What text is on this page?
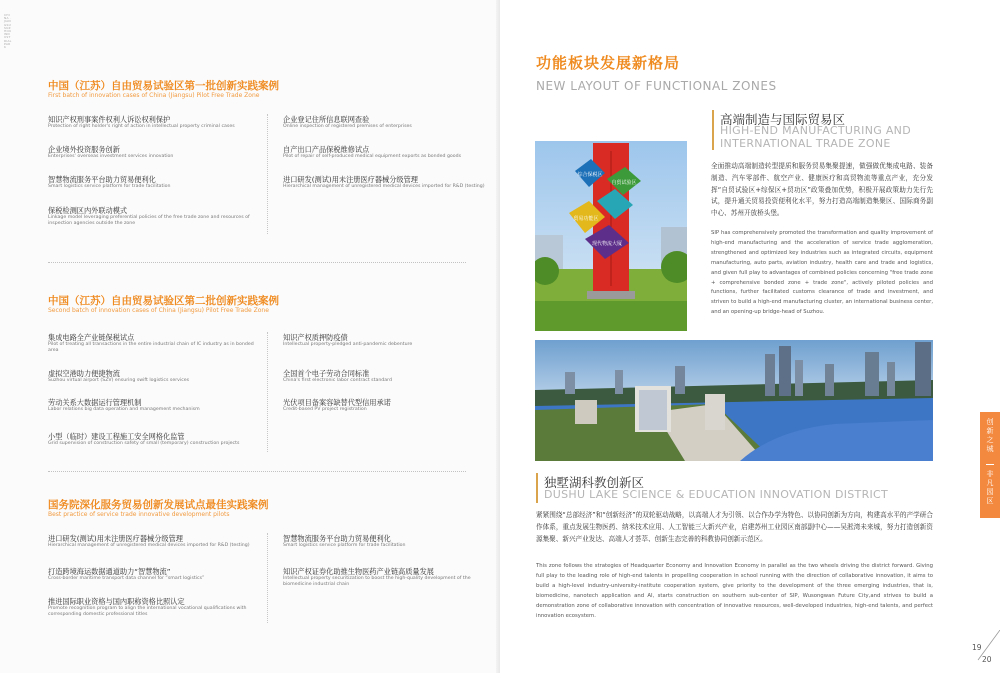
CHINA · JIANGSU SUZHOU INDUSTRIAL PARK
中国（江苏）自由贸易试验区第一批创新实践案例
First batch of innovation cases of China (Jiangsu) Pilot Free Trade Zone
知识产权刑事案件权利人诉讼权利保护
Protection of right holder's right of action in intellectual property criminal cases
企业登记住所信息联网查验
Online inspection of registered premises of enterprises
企业境外投资服务创新
Enterprises' overseas investment services innovation
自产出口产品保税维修试点
Pilot of repair of self-produced medical equipment exports as bonded goods
智慧物流服务平台助力贸易便利化
Smart logistics service platform for trade facilitation
进口研发(测试)用未注册医疗器械分级管理
Hierarchical management of unregistered medical devices imported for R&D (testing)
保税检测区内外联动模式
Linkage model leveraging preferential policies of the free trade zone and resources of inspection agencies outside the zone
中国（江苏）自由贸易试验区第二批创新实践案例
Second batch of innovation cases of China (Jiangsu) Pilot Free Trade Zone
集成电路全产业链保税试点
Pilot of treating all transactions in the entire industrial chain of IC industry as in bonded area
知识产权质押防疫债
Intellectual property-pledged anti-pandemic debenture
虚拟空港助力便捷物流
Suzhou virtual airport (SZV) ensuring swift logistics services
全国首个电子劳动合同标准
China's first electronic labor contract standard
劳动关系大数据运行管理机制
Labor relations big data operation and management mechanism
光伏项目备案容缺替代型信用承诺
Credit-based PV project registration
小型（临时）建设工程施工安全网格化监管
Grid supervision of construction safety of small (temporary) construction projects
国务院深化服务贸易创新发展试点最佳实践案例
Best practice of service trade innovative development pilots
进口研发(测试)用未注册医疗器械分级管理
Hierarchical management of unregistered medical devices imported for R&D (testing)
智慧物流服务平台助力贸易便利化
Smart logistics service platform for trade facilitation
打造跨境海运数据通道助力“智慧物流”
Cross-border maritime transport data channel for “smart logistics”
知识产权证券化助推生物医药产业链高质量发展
Intellectual property securitization to boost the high-quality development of the biomedicine industrial chain
推进国际职业资格与国内职称资格比照认定
Promote recognition program to align the international vocational qualifications with corresponding domestic professional titles
功能板块发展新格局
NEW LAYOUT OF FUNCTIONAL ZONES
综合保税区
自贸试验区
贸易功能区
现代物流大厦
高端制造与国际贸易区
HIGH-END MANUFACTURING AND
INTERNATIONAL TRADE ZONE
全面推动高端制造转型提质和服务贸易集聚提速，做强做优集成电路、装备制造、汽车零部件、航空产业、健康医疗和高贸物流等重点产业，充分发挥“自贸试验区+综保区+贸功区”政策叠加优势，积极开展政策助力先行先试，提升通关贸易投资便利化水平，努力打造高端制造集聚区、国际商务副中心、苏州开放桥头堡。
SIP has comprehensively promoted the transformation and quality improvement of high-end manufacturing and the acceleration of service trade agglomeration, strengthened and optimized key industries such as integrated circuits, equipment manufacturing, auto parts, aviation industry, health care and trade and logistics, and given full play to advantages of combined policies concerning "free trade zone + comprehensive bonded zone + trade zone", actively piloted policies and functions, further facilitated customs clearance of trade and investment, and striven to build a high-end manufacturing cluster, an international business center, and an opening-up bridge-head of Suzhou.
独墅湖科教创新区
DUSHU LAKE SCIENCE & EDUCATION INNOVATION DISTRICT
紧紧围绕“总部经济”和“创新经济”的双轮驱动战略，以高端人才为引领、以合作办学为特色、以协同创新为方向，构建高水平的产学研合作体系，重点发展生物医药、纳米技术应用、人工智能三大新兴产业，启建苏州工业园区南部副中心——吴淞湾未来城，努力打造创新资源集聚、新兴产业发达、高端人才荟萃、创新生态完善的科教协同创新示范区。
This zone follows the strategies of Headquarter Economy and Innovation Economy in parallel as the two wheels driving the district forward. Giving full play to the leading role of high-end talents in propelling cooperation in school running with the direction of collaborative innovation, it aims to build a high-level industry-university-institute cooperation system, give priority to the development of the three emerging industries, that is, biomedicine, nanotech application and AI, starts construction on southern sub-center of SIP, Wusongwan Future City,and strives to build a demonstration zone of collaborative innovation with concentration of innovative resources, well-developed industries, high-end talents, and perfect innovation ecosystem.
创新之城
非凡园区
19
20
